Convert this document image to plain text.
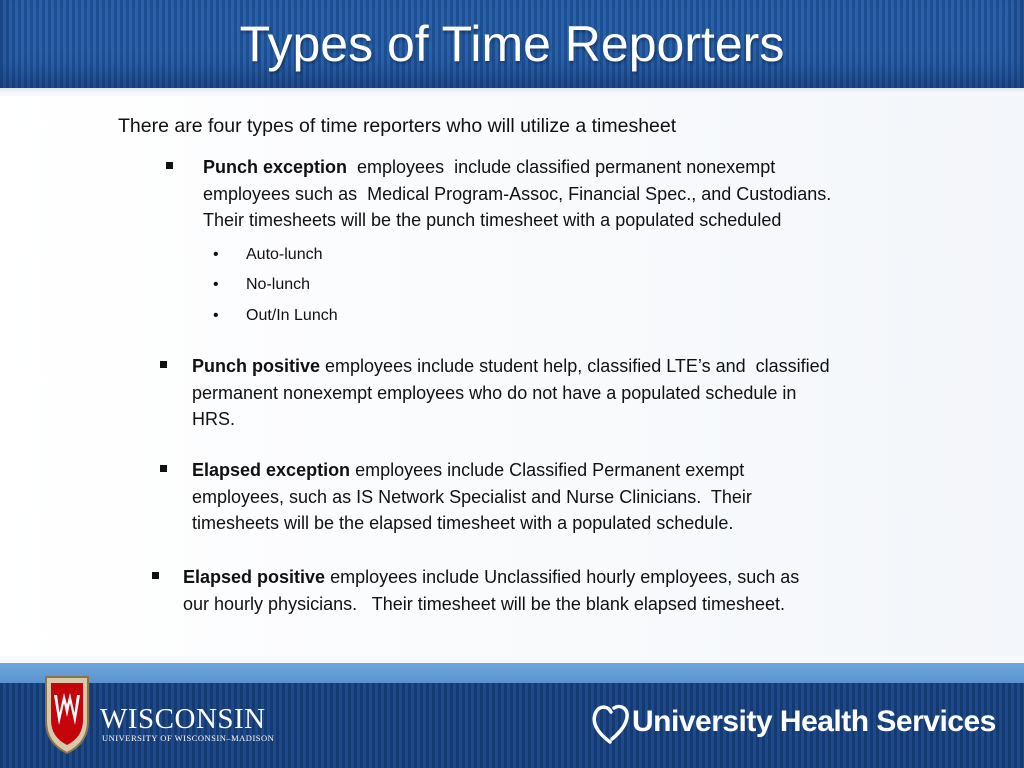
Types of Time Reporters
There are four types of time reporters who will utilize a timesheet
Punch exception  employees  include classified permanent nonexempt
employees such as  Medical Program-Assoc, Financial Spec., and Custodians.
Their timesheets will be the punch timesheet with a populated scheduled
• Auto-lunch
• No-lunch
• Out/In Lunch
Punch positive employees include student help, classified LTE’s and  classified
permanent nonexempt employees who do not have a populated schedule in
HRS.
Elapsed exception employees include Classified Permanent exempt
employees, such as IS Network Specialist and Nurse Clinicians.  Their
timesheets will be the elapsed timesheet with a populated schedule.
Elapsed positive employees include Unclassified hourly employees, such as
our hourly physicians.   Their timesheet will be the blank elapsed timesheet.
WISCONSIN
UNIVERSITY OF WISCONSIN–MADISON	University Health Services
